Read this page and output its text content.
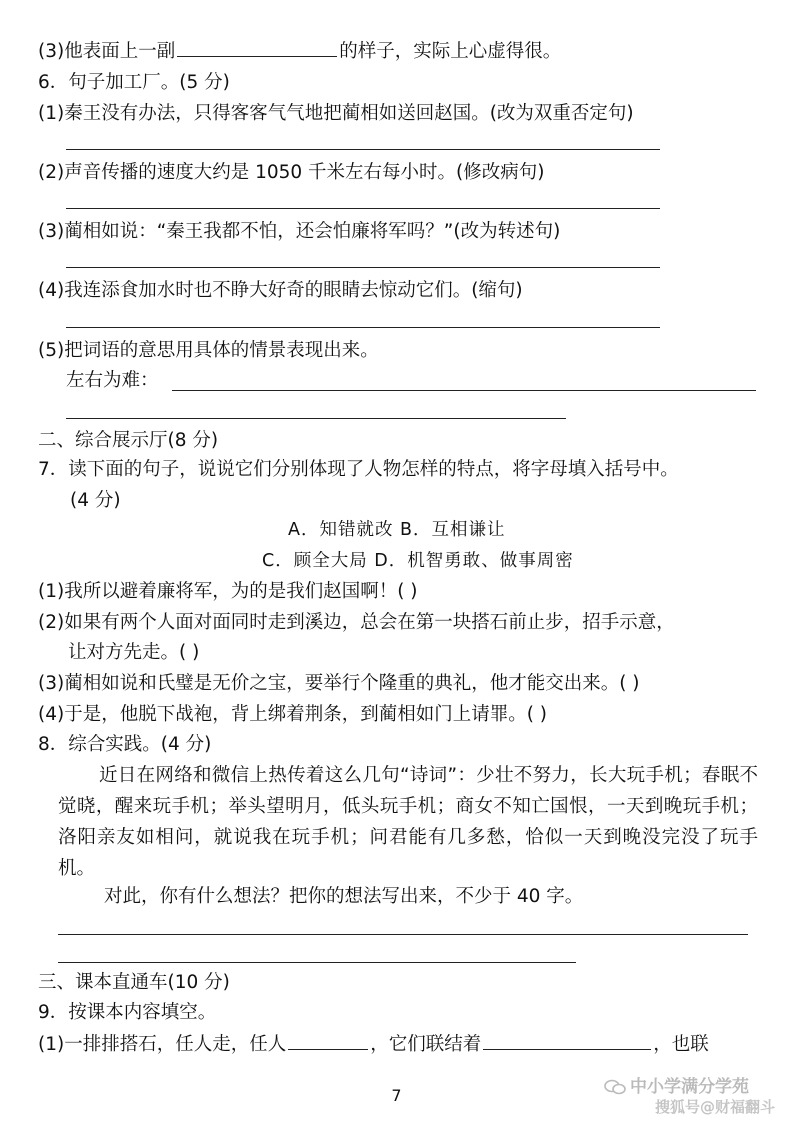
(3)他表面上一副	的样子，实际上心虚得很。
6．句子加工厂。(5 分)
(1)秦王没有办法，只得客客气气地把蔺相如送回赵国。(改为双重否定句)
(2)声音传播的速度大约是 1050 千米左右每小时。(修改病句)
(3)蔺相如说：“秦王我都不怕，还会怕廉将军吗？”(改为转述句)
(4)我连添食加水时也不睁大好奇的眼睛去惊动它们。(缩句)
(5)把词语的意思用具体的情景表现出来。
左右为难：
二、综合展示厅(8 分)
7．读下面的句子，说说它们分别体现了人物怎样的特点，将字母填入括号中。
(4 分)
A．知错就改 B．互相谦让
C．顾全大局 D．机智勇敢、做事周密
(1)我所以避着廉将军，为的是我们赵国啊！( )
(2)如果有两个人面对面同时走到溪边，总会在第一块搭石前止步，招手示意，
让对方先走。( )
(3)蔺相如说和氏璧是无价之宝，要举行个隆重的典礼，他才能交出来。( )
(4)于是，他脱下战袍，背上绑着荆条，到蔺相如门上请罪。( )
8．综合实践。(4 分)
近日在网络和微信上热传着这么几句“诗词”：少壮不努力，长大玩手机；春眠不觉晓，醒来玩手机；举头望明月，低头玩手机；商女不知亡国恨，一天到晚玩手机；洛阳亲友如相问，就说我在玩手机；问君能有几多愁，恰似一天到晚没完没了玩手机。
对此，你有什么想法？把你的想法写出来，不少于 40 字。
三、课本直通车(10 分)
9．按课本内容填空。
(1)一排排搭石，任人走，任人	，它们联结着	，也联
7	中小学满分学苑
搜狐号@财福翻斗
